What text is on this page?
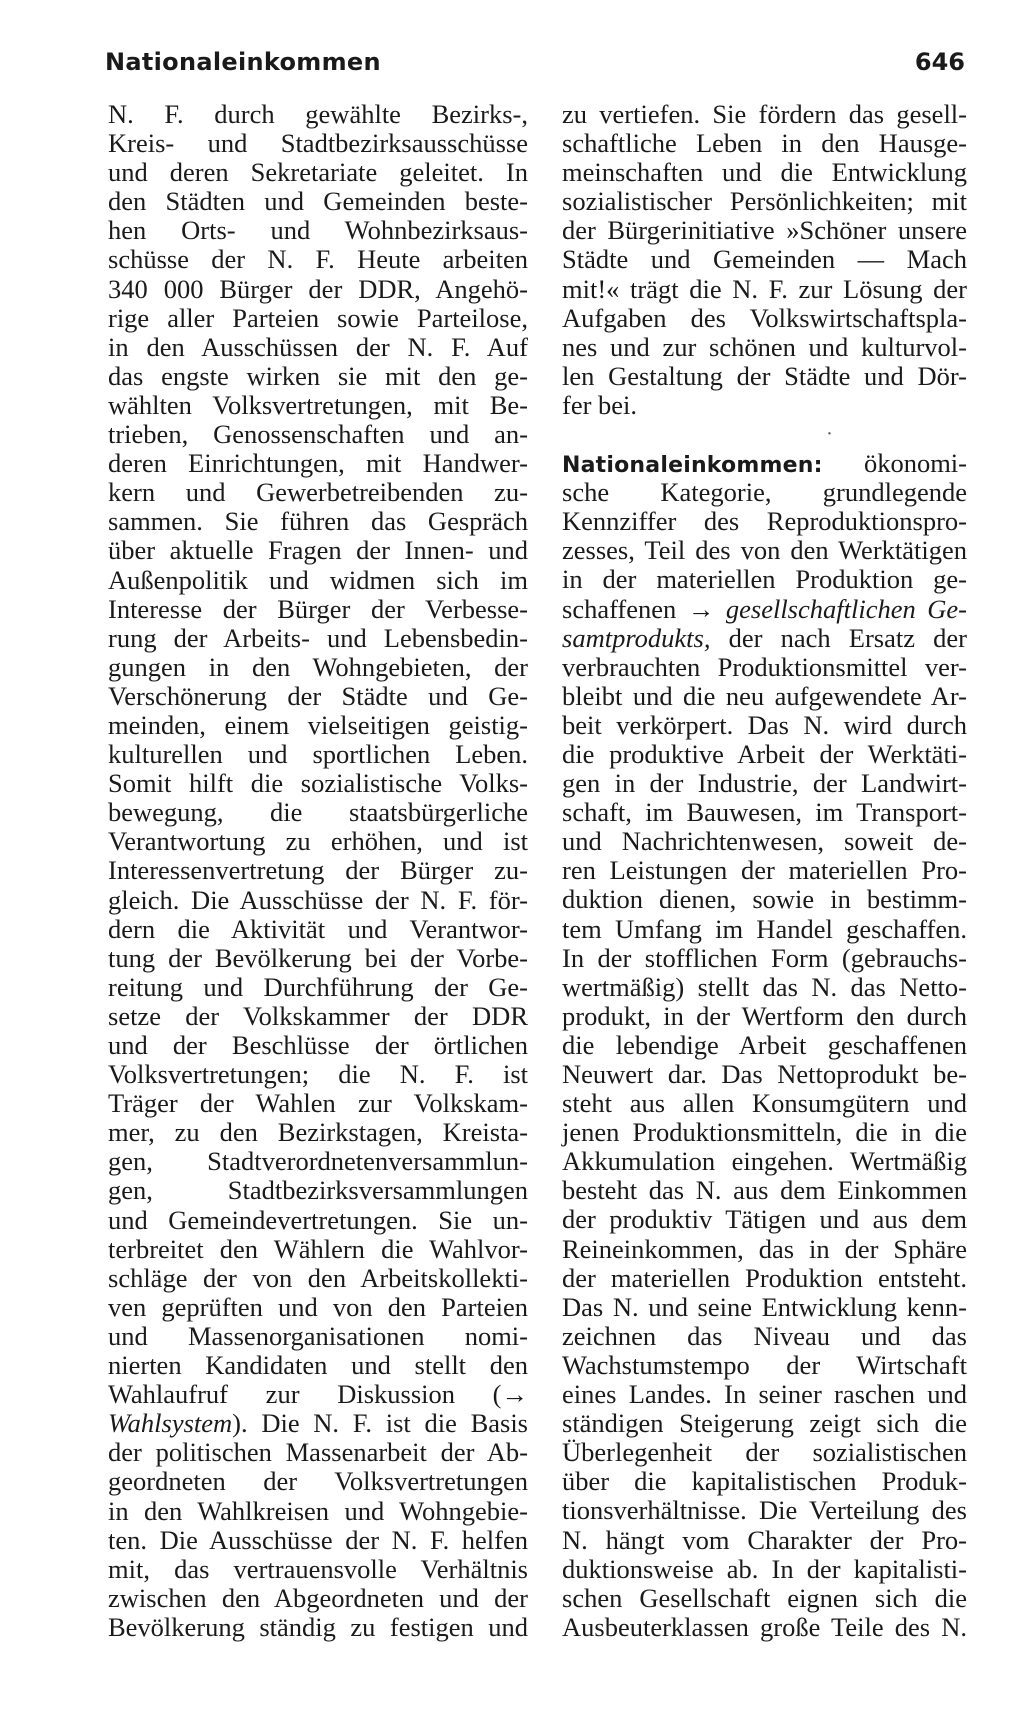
Nationaleinkommen	646
N. F. durch gewählte Bezirks-,
Kreis- und Stadtbezirksausschüsse
und deren Sekretariate geleitet. In
den Städten und Gemeinden beste-
hen Orts- und Wohnbezirksaus-
schüsse der N. F. Heute arbeiten
340 000 Bürger der DDR, Angehö-
rige aller Parteien sowie Parteilose,
in den Ausschüssen der N. F. Auf
das engste wirken sie mit den ge-
wählten Volksvertretungen, mit Be-
trieben, Genossenschaften und an-
deren Einrichtungen, mit Handwer-
kern und Gewerbetreibenden zu-
sammen. Sie führen das Gespräch
über aktuelle Fragen der Innen- und
Außenpolitik und widmen sich im
Interesse der Bürger der Verbesse-
rung der Arbeits- und Lebensbedin-
gungen in den Wohngebieten, der
Verschönerung der Städte und Ge-
meinden, einem vielseitigen geistig-
kulturellen und sportlichen Leben.
Somit hilft die sozialistische Volks-
bewegung, die staatsbürgerliche
Verantwortung zu erhöhen, und ist
Interessenvertretung der Bürger zu-
gleich. Die Ausschüsse der N. F. för-
dern die Aktivität und Verantwor-
tung der Bevölkerung bei der Vorbe-
reitung und Durchführung der Ge-
setze der Volkskammer der DDR
und der Beschlüsse der örtlichen
Volksvertretungen; die N. F. ist
Träger der Wahlen zur Volkskam-
mer, zu den Bezirkstagen, Kreista-
gen, Stadtverordnetenversammlun-
gen, Stadtbezirksversammlungen
und Gemeindevertretungen. Sie un-
terbreitet den Wählern die Wahlvor-
schläge der von den Arbeitskollekti-
ven geprüften und von den Parteien
und Massenorganisationen nomi-
nierten Kandidaten und stellt den
Wahlaufruf zur Diskussion (→
Wahlsystem). Die N. F. ist die Basis
der politischen Massenarbeit der Ab-
geordneten der Volksvertretungen
in den Wahlkreisen und Wohngebie-
ten. Die Ausschüsse der N. F. helfen
mit, das vertrauensvolle Verhältnis
zwischen den Abgeordneten und der
Bevölkerung ständig zu festigen und
zu vertiefen. Sie fördern das gesell-
schaftliche Leben in den Hausge-
meinschaften und die Entwicklung
sozialistischer Persönlichkeiten; mit
der Bürgerinitiative »Schöner unsere
Städte und Gemeinden — Mach
mit!« trägt die N. F. zur Lösung der
Aufgaben des Volkswirtschaftspla-
nes und zur schönen und kulturvol-
len Gestaltung der Städte und Dör-
fer bei.
·
Nationaleinkommen: ökonomi-
sche Kategorie, grundlegende
Kennziffer des Reproduktionspro-
zesses, Teil des von den Werktätigen
in der materiellen Produktion ge-
schaffenen → gesellschaftlichen Ge-
samtprodukts, der nach Ersatz der
verbrauchten Produktionsmittel ver-
bleibt und die neu aufgewendete Ar-
beit verkörpert. Das N. wird durch
die produktive Arbeit der Werktäti-
gen in der Industrie, der Landwirt-
schaft, im Bauwesen, im Transport-
und Nachrichtenwesen, soweit de-
ren Leistungen der materiellen Pro-
duktion dienen, sowie in bestimm-
tem Umfang im Handel geschaffen.
In der stofflichen Form (gebrauchs-
wertmäßig) stellt das N. das Netto-
produkt, in der Wertform den durch
die lebendige Arbeit geschaffenen
Neuwert dar. Das Nettoprodukt be-
steht aus allen Konsumgütern und
jenen Produktionsmitteln, die in die
Akkumulation eingehen. Wertmäßig
besteht das N. aus dem Einkommen
der produktiv Tätigen und aus dem
Reineinkommen, das in der Sphäre
der materiellen Produktion entsteht.
Das N. und seine Entwicklung kenn-
zeichnen das Niveau und das
Wachstumstempo der Wirtschaft
eines Landes. In seiner raschen und
ständigen Steigerung zeigt sich die
Überlegenheit der sozialistischen
über die kapitalistischen Produk-
tionsverhältnisse. Die Verteilung des
N. hängt vom Charakter der Pro-
duktionsweise ab. In der kapitalisti-
schen Gesellschaft eignen sich die
Ausbeuterklassen große Teile des N.
